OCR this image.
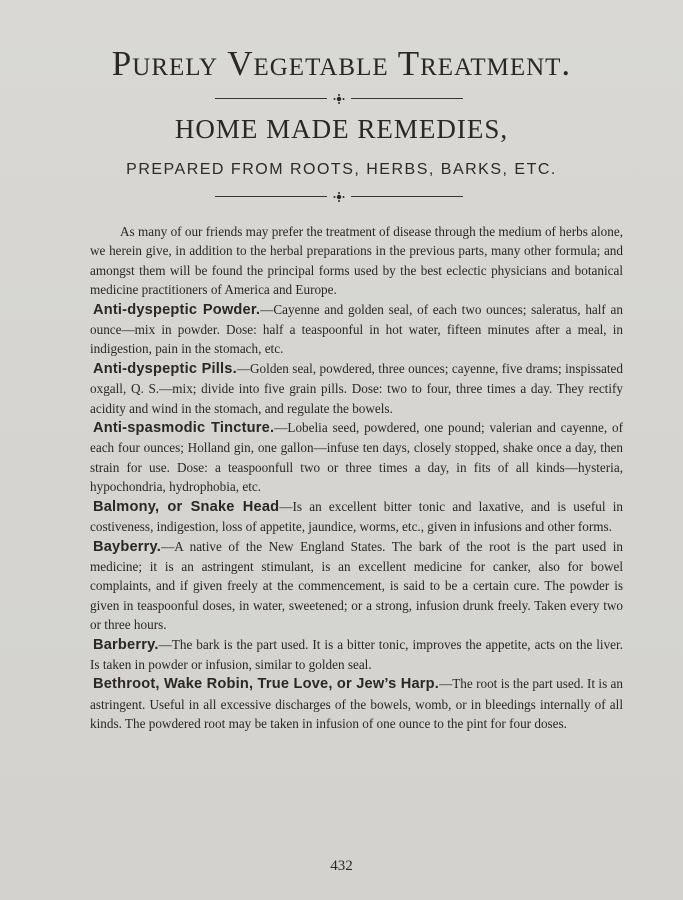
Purely Vegetable Treatment.
HOME MADE REMEDIES,
PREPARED FROM ROOTS, HERBS, BARKS, ETC.

As many of our friends may prefer the treatment of disease through the medium of herbs alone, we herein give, in addition to the herbal preparations in the previous parts, many other formula; and amongst them will be found the principal forms used by the best eclectic physicians and botanical medicine practitioners of America and Europe.

Anti-dyspeptic Powder.—Cayenne and golden seal, of each two ounces; saleratus, half an ounce—mix in powder. Dose: half a teaspoonful in hot water, fifteen minutes after a meal, in indigestion, pain in the stomach, etc.

Anti-dyspeptic Pills.—Golden seal, powdered, three ounces; cayenne, five drams; inspissated oxgall, Q. S.—mix; divide into five grain pills. Dose: two to four, three times a day. They rectify acidity and wind in the stomach, and regulate the bowels.

Anti-spasmodic Tincture.—Lobelia seed, powdered, one pound; valerian and cayenne, of each four ounces; Holland gin, one gallon—infuse ten days, closely stopped, shake once a day, then strain for use. Dose: a teaspoonfull two or three times a day, in fits of all kinds—hysteria, hypochondria, hydrophobia, etc.

Balmony, or Snake Head—Is an excellent bitter tonic and laxative, and is useful in costiveness, indigestion, loss of appetite, jaundice, worms, etc., given in infusions and other forms.

Bayberry.—A native of the New England States. The bark of the root is the part used in medicine; it is an astringent stimulant, is an excellent medicine for canker, also for bowel complaints, and if given freely at the commencement, is said to be a certain cure. The powder is given in teaspoonful doses, in water, sweetened; or a strong, infusion drunk freely. Taken every two or three hours.

Barberry.—The bark is the part used. It is a bitter tonic, improves the appetite, acts on the liver. Is taken in powder or infusion, similar to golden seal.

Bethroot, Wake Robin, True Love, or Jew’s Harp.—The root is the part used. It is an astringent. Useful in all excessive discharges of the bowels, womb, or in bleedings internally of all kinds. The powdered root may be taken in infusion of one ounce to the pint for four doses.

432
